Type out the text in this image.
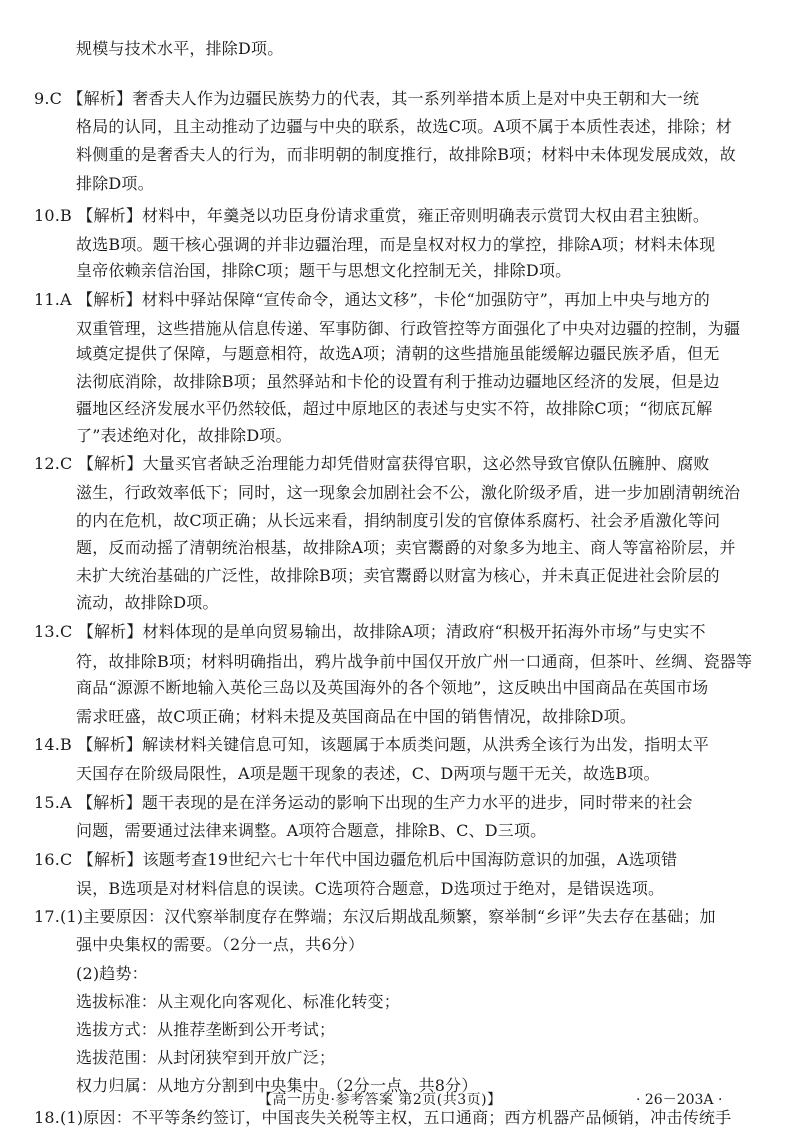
规模与技术水平，排除D项。
9.C 【解析】奢香夫人作为边疆民族势力的代表，其一系列举措本质上是对中央王朝和大一统
格局的认同，且主动推动了边疆与中央的联系，故选C项。A项不属于本质性表述，排除；材
料侧重的是奢香夫人的行为，而非明朝的制度推行，故排除B项；材料中未体现发展成效，故
排除D项。
10.B 【解析】材料中，年羹尧以功臣身份请求重赏，雍正帝则明确表示赏罚大权由君主独断。
故选B项。题干核心强调的并非边疆治理，而是皇权对权力的掌控，排除A项；材料未体现
皇帝依赖亲信治国，排除C项；题干与思想文化控制无关，排除D项。
11.A 【解析】材料中驿站保障“宣传命令，通达文移”，卡伦“加强防守”，再加上中央与地方的
双重管理，这些措施从信息传递、军事防御、行政管控等方面强化了中央对边疆的控制，为疆
域奠定提供了保障，与题意相符，故选A项；清朝的这些措施虽能缓解边疆民族矛盾，但无
法彻底消除，故排除B项；虽然驿站和卡伦的设置有利于推动边疆地区经济的发展，但是边
疆地区经济发展水平仍然较低，超过中原地区的表述与史实不符，故排除C项；“彻底瓦解
了”表述绝对化，故排除D项。
12.C 【解析】大量买官者缺乏治理能力却凭借财富获得官职，这必然导致官僚队伍臃肿、腐败
滋生，行政效率低下；同时，这一现象会加剧社会不公，激化阶级矛盾，进一步加剧清朝统治
的内在危机，故C项正确；从长远来看，捐纳制度引发的官僚体系腐朽、社会矛盾激化等问
题，反而动摇了清朝统治根基，故排除A项；卖官鬻爵的对象多为地主、商人等富裕阶层，并
未扩大统治基础的广泛性，故排除B项；卖官鬻爵以财富为核心，并未真正促进社会阶层的
流动，故排除D项。
13.C 【解析】材料体现的是单向贸易输出，故排除A项；清政府“积极开拓海外市场”与史实不
符，故排除B项；材料明确指出，鸦片战争前中国仅开放广州一口通商，但茶叶、丝绸、瓷器等
商品“源源不断地输入英伦三岛以及英国海外的各个领地”，这反映出中国商品在英国市场
需求旺盛，故C项正确；材料未提及英国商品在中国的销售情况，故排除D项。
14.B 【解析】解读材料关键信息可知，该题属于本质类问题，从洪秀全该行为出发，指明太平
天国存在阶级局限性，A项是题干现象的表述，C、D两项与题干无关，故选B项。
15.A 【解析】题干表现的是在洋务运动的影响下出现的生产力水平的进步，同时带来的社会
问题，需要通过法律来调整。A项符合题意，排除B、C、D三项。
16.C 【解析】该题考查19世纪六七十年代中国边疆危机后中国海防意识的加强，A选项错
误，B选项是对材料信息的误读。C选项符合题意，D选项过于绝对，是错误选项。
17.(1)主要原因：汉代察举制度存在弊端；东汉后期战乱频繁，察举制“乡评”失去存在基础；加
强中央集权的需要。（2分一点，共6分）
(2)趋势：
选拔标准：从主观化向客观化、标准化转变；
选拔方式：从推荐垄断到公开考试；
选拔范围：从封闭狭窄到开放广泛；
权力归属：从地方分割到中央集中。（2分一点，共8分）
18.(1)原因：不平等条约签订，中国丧失关税等主权，五口通商；西方机器产品倾销，冲击传统手
【高一历史·参考答案 第2页(共3页)】	· 26－203A ·
